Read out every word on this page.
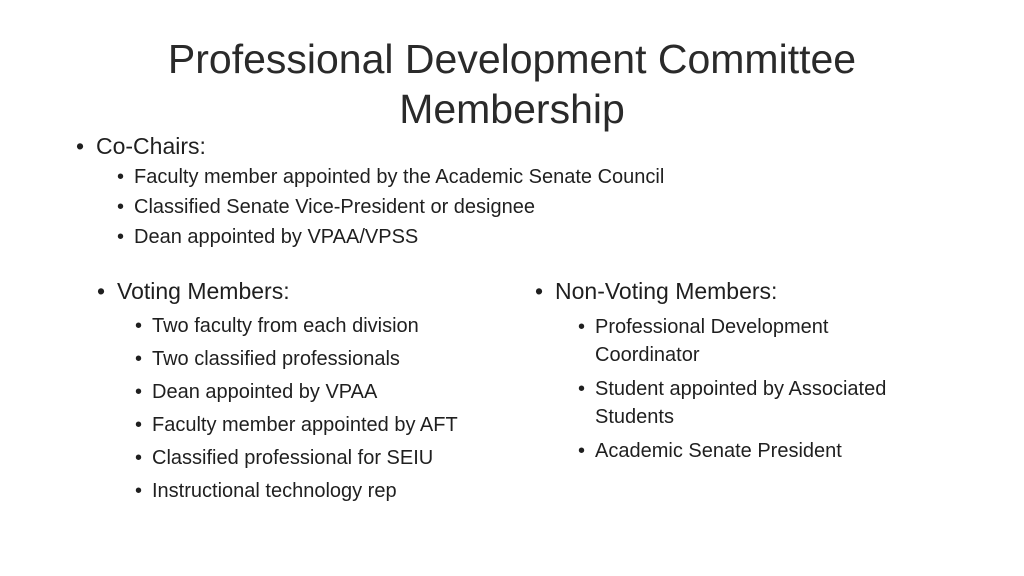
Professional Development Committee
Membership
• Co-Chairs:
• Faculty member appointed by the Academic Senate Council
• Classified Senate Vice-President or designee
• Dean appointed by VPAA/VPSS
• Voting Members:
• Two faculty from each division
• Two classified professionals
• Dean appointed by VPAA
• Faculty member appointed by AFT
• Classified professional for SEIU
• Instructional technology rep
• Non-Voting Members:
• Professional Development Coordinator
• Student appointed by Associated Students
• Academic Senate President
